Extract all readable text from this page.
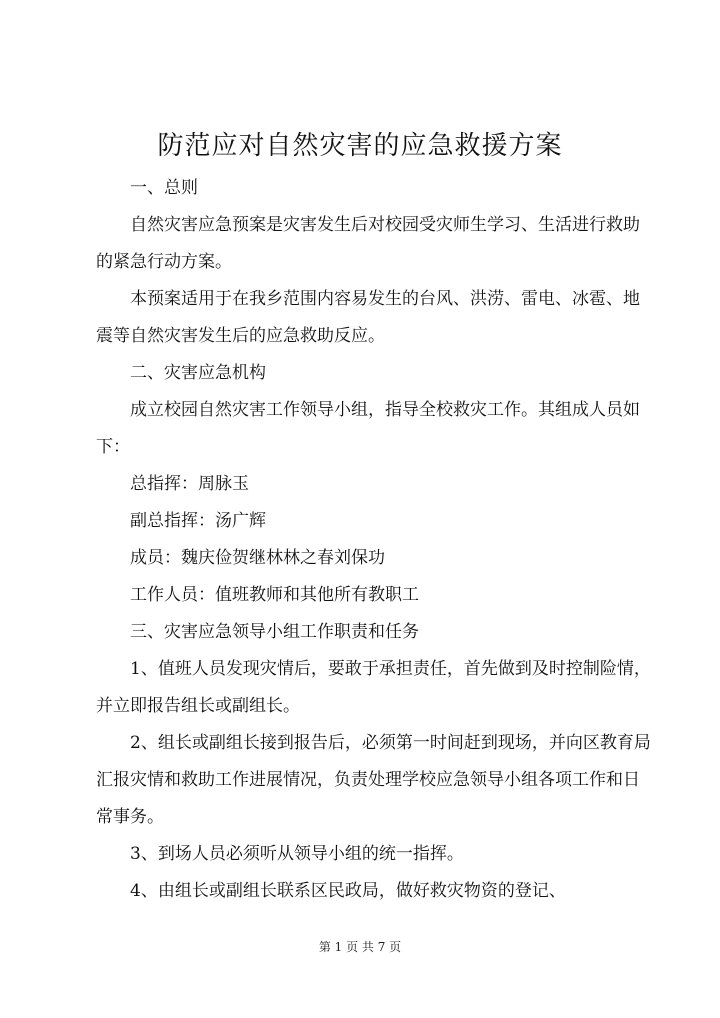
防范应对自然灾害的应急救援方案

一、总则

自然灾害应急预案是灾害发生后对校园受灾师生学习、生活进行救助的紧急行动方案。

本预案适用于在我乡范围内容易发生的台风、洪涝、雷电、冰雹、地震等自然灾害发生后的应急救助反应。

二、灾害应急机构

成立校园自然灾害工作领导小组，指导全校救灾工作。其组成人员如下：

总指挥：周脉玉

副总指挥：汤广辉

成员：魏庆俭贺继林林之春刘保功

工作人员：值班教师和其他所有教职工

三、灾害应急领导小组工作职责和任务

1、值班人员发现灾情后，要敢于承担责任，首先做到及时控制险情，并立即报告组长或副组长。

2、组长或副组长接到报告后，必须第一时间赶到现场，并向区教育局汇报灾情和救助工作进展情况，负责处理学校应急领导小组各项工作和日常事务。

3、到场人员必须听从领导小组的统一指挥。

4、由组长或副组长联系区民政局，做好救灾物资的登记、

第 1 页 共 7 页
